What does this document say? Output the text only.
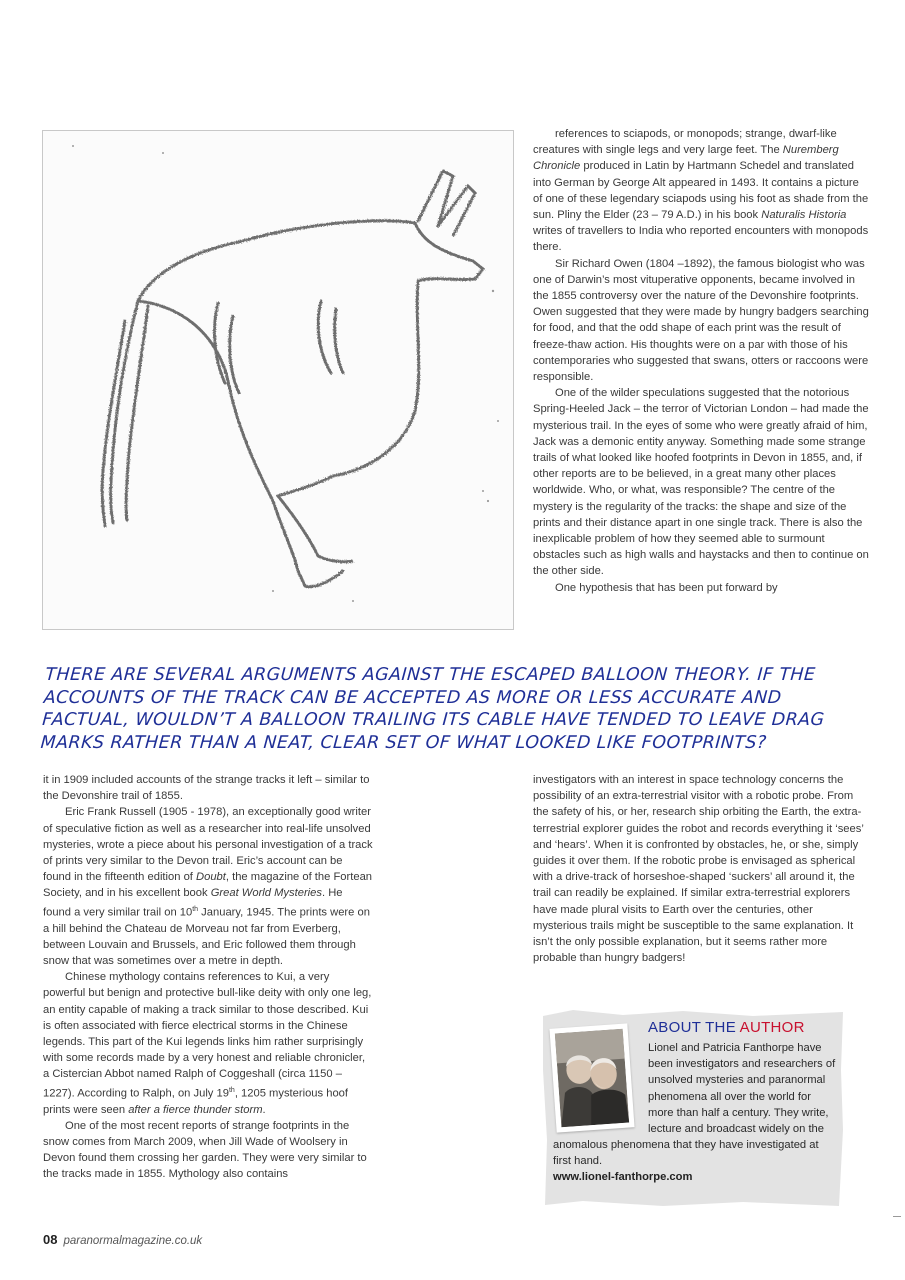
references to sciapods, or monopods; strange, dwarf-like creatures with single legs and very large feet. The Nuremberg Chronicle produced in Latin by Hartmann Schedel and translated into German by George Alt appeared in 1493. It contains a picture of one of these legendary sciapods using his foot as shade from the sun. Pliny the Elder (23 – 79 A.D.) in his book Naturalis Historia writes of travellers to India who reported encounters with monopods there.

Sir Richard Owen (1804 –1892), the famous biologist who was one of Darwin’s most vituperative opponents, became involved in the 1855 controversy over the nature of the Devonshire footprints. Owen suggested that they were made by hungry badgers searching for food, and that the odd shape of each print was the result of freeze-thaw action. His thoughts were on a par with those of his contemporaries who suggested that swans, otters or raccoons were responsible.

One of the wilder speculations suggested that the notorious Spring-Heeled Jack – the terror of Victorian London – had made the mysterious trail. In the eyes of some who were greatly afraid of him, Jack was a demonic entity anyway. Something made some strange trails of what looked like hoofed footprints in Devon in 1855, and, if other reports are to be believed, in a great many other places worldwide. Who, or what, was responsible? The centre of the mystery is the regularity of the tracks: the shape and size of the prints and their distance apart in one single track. There is also the inexplicable problem of how they seemed able to surmount obstacles such as high walls and haystacks and then to continue on the other side.

One hypothesis that has been put forward by

THERE ARE SEVERAL ARGUMENTS AGAINST THE ESCAPED BALLOON THEORY. IF THE ACCOUNTS OF THE TRACK CAN BE ACCEPTED AS MORE OR LESS ACCURATE AND FACTUAL, WOULDN’T A BALLOON TRAILING ITS CABLE HAVE TENDED TO LEAVE DRAG MARKS RATHER THAN A NEAT, CLEAR SET OF WHAT LOOKED LIKE FOOTPRINTS?

it in 1909 included accounts of the strange tracks it left – similar to the Devonshire trail of 1855.

Eric Frank Russell (1905 - 1978), an exceptionally good writer of speculative fiction as well as a researcher into real-life unsolved mysteries, wrote a piece about his personal investigation of a track of prints very similar to the Devon trail. Eric’s account can be found in the fifteenth edition of Doubt, the magazine of the Fortean Society, and in his excellent book Great World Mysteries. He found a very similar trail on 10th January, 1945. The prints were on a hill behind the Chateau de Morveau not far from Everberg, between Louvain and Brussels, and Eric followed them through snow that was sometimes over a metre in depth.

Chinese mythology contains references to Kui, a very powerful but benign and protective bull-like deity with only one leg, an entity capable of making a track similar to those described. Kui is often associated with fierce electrical storms in the Chinese legends. This part of the Kui legends links him rather surprisingly with some records made by a very honest and reliable chronicler, a Cistercian Abbot named Ralph of Coggeshall (circa 1150 – 1227). According to Ralph, on July 19th, 1205 mysterious hoof prints were seen after a fierce thunder storm.

One of the most recent reports of strange footprints in the snow comes from March 2009, when Jill Wade of Woolsery in Devon found them crossing her garden. They were very similar to the tracks made in 1855. Mythology also contains

investigators with an interest in space technology concerns the possibility of an extra-terrestrial visitor with a robotic probe. From the safety of his, or her, research ship orbiting the Earth, the extra-terrestrial explorer guides the robot and records everything it ‘sees’ and ‘hears’. When it is confronted by obstacles, he, or she, simply guides it over them. If the robotic probe is envisaged as spherical with a drive-track of horseshoe-shaped ‘suckers’ all around it, the trail can readily be explained. If similar extra-terrestrial explorers have made plural visits to Earth over the centuries, other mysterious trails might be susceptible to the same explanation. It isn’t the only possible explanation, but it seems rather more probable than hungry badgers!

ABOUT THE AUTHOR
Lionel and Patricia Fanthorpe have been investigators and researchers of unsolved mysteries and paranormal phenomena all over the world for more than half a century. They write, lecture and broadcast widely on the anomalous phenomena that they have investigated at first hand.
www.lionel-fanthorpe.com
08 paranormalmagazine.co.uk
